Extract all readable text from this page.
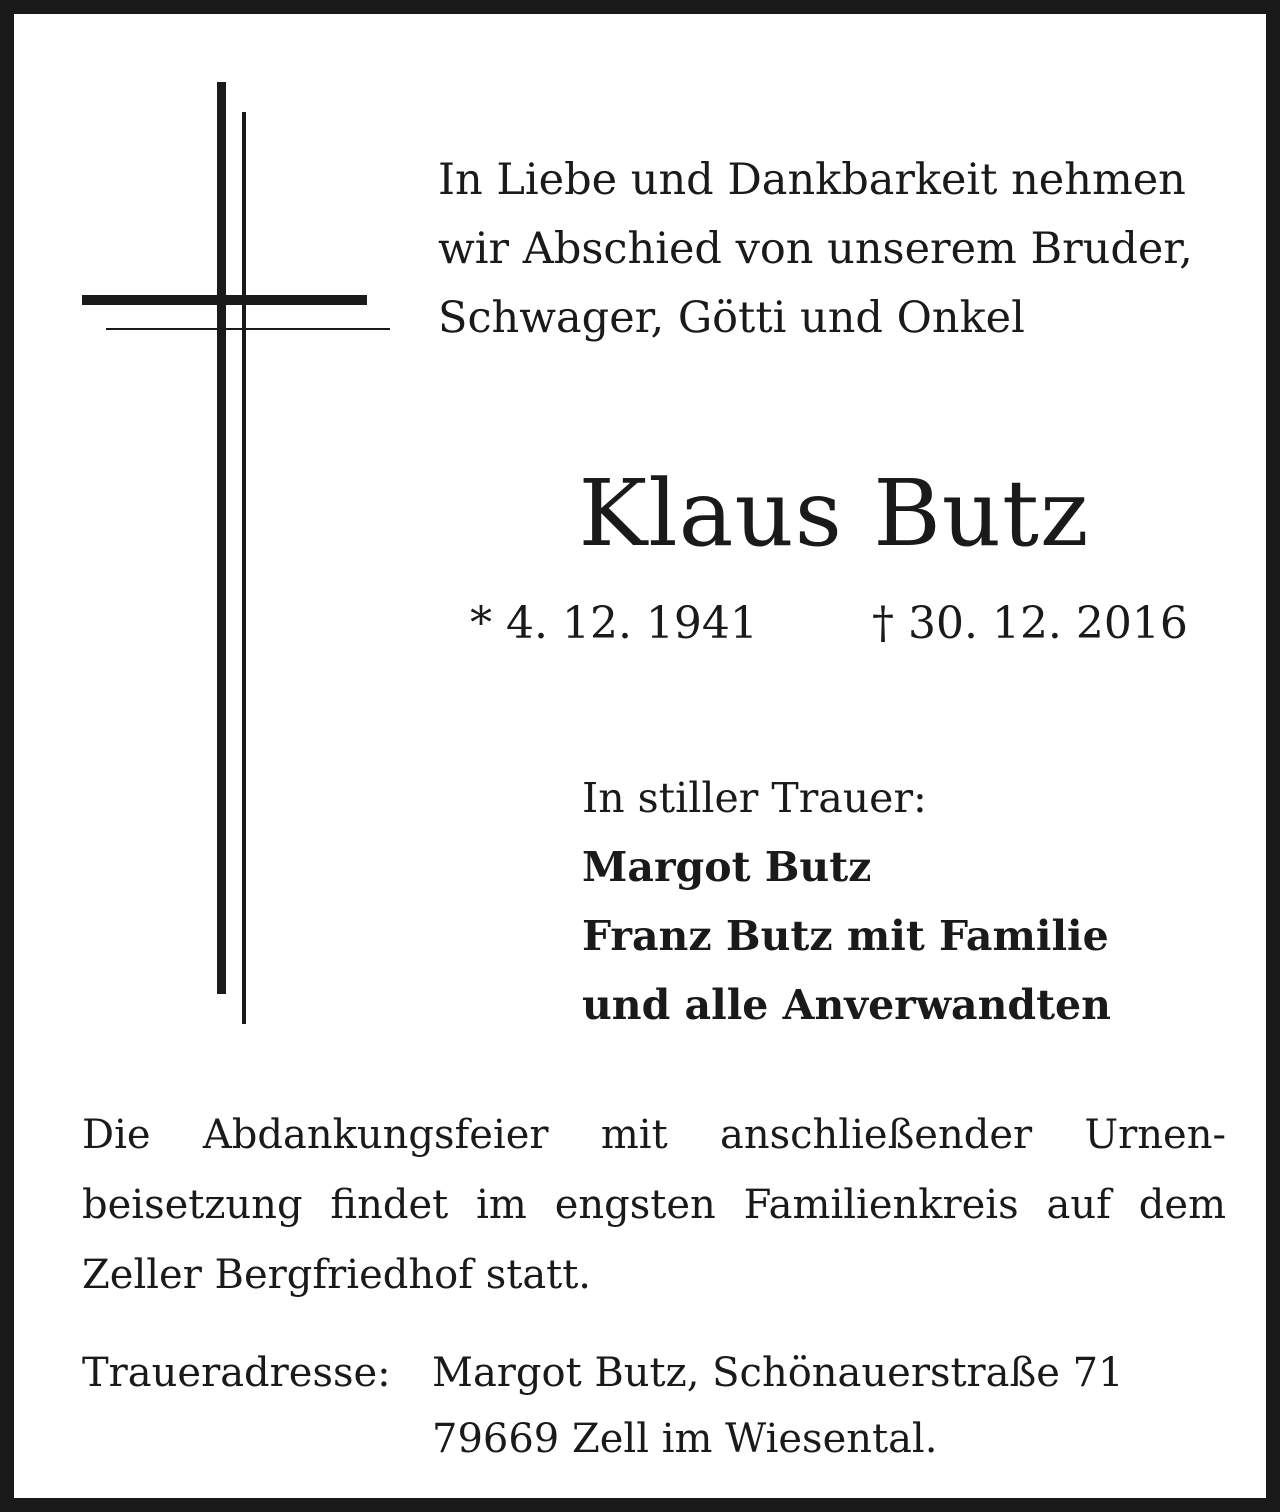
In Liebe und Dankbarkeit nehmen
wir Abschied von unserem Bruder,
Schwager, Götti und Onkel
Klaus Butz
* 4. 12. 1941	† 30. 12. 2016
In stiller Trauer:
Margot Butz
Franz Butz mit Familie
und alle Anverwandten
Die Abdankungsfeier mit anschließender Urnen-
beisetzung findet im engsten Familienkreis auf dem
Zeller Bergfriedhof statt.
Traueradresse: Margot Butz, Schönauerstraße 71
79669 Zell im Wiesental.
